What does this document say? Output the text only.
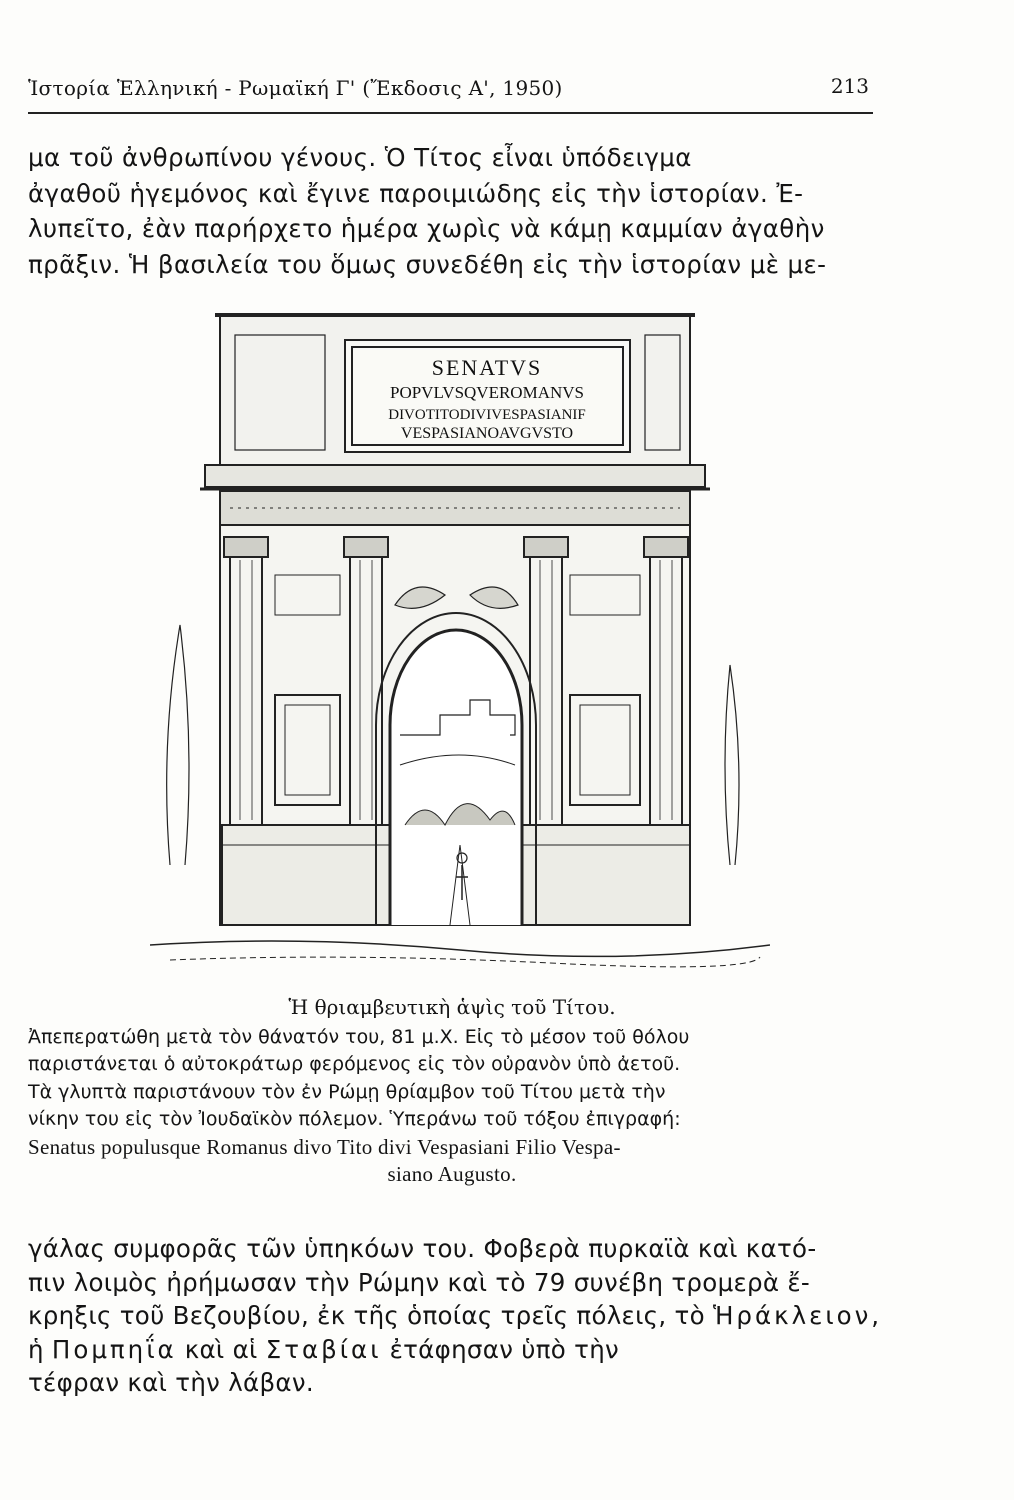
Ἱστορία Ἑλληνική - Ρωμαϊκή Γ' (Ἔκδοσις Α', 1950)	213
μα τοῦ ἀνθρωπίνου γένους. Ὁ Τίτος εἶναι ὑπόδειγμα
ἀγαθοῦ ἡγεμόνος καὶ ἔγινε παροιμιώδης εἰς τὴν ἱστορίαν. Ἐ-
λυπεῖτο, ἐὰν παρήρχετο ἡμέρα χωρὶς νὰ κάμῃ καμμίαν ἀγαθὴν
πρᾶξιν. Ἡ βασιλεία του ὅμως συνεδέθη εἰς τὴν ἱστορίαν μὲ με-
SENATVS
POPVLVSQVEROMANVS
DIVOTITODIVIVESPASIANIF
VESPASIANOAVGVSTO
Ἡ θριαμβευτικὴ ἁψὶς τοῦ Τίτου.
Ἀπεπερατώθη μετὰ τὸν θάνατόν του, 81 μ.Χ. Εἰς τὸ μέσον τοῦ θόλου
παριστάνεται ὁ αὐτοκράτωρ φερόμενος εἰς τὸν οὐρανὸν ὑπὸ ἀετοῦ.
Τὰ γλυπτὰ παριστάνουν τὸν ἐν Ρώμῃ θρίαμβον τοῦ Τίτου μετὰ τὴν
νίκην του εἰς τὸν Ἰουδαϊκὸν πόλεμον. Ὑπεράνω τοῦ τόξου ἐπιγραφή:
Senatus populusque Romanus divo Tito divi Vespasiani Filio Vespa-
siano Augusto.
γάλας συμφορᾶς τῶν ὑπηκόων του. Φοβερὰ πυρκαϊὰ καὶ κατό-
πιν λοιμὸς ἠρήμωσαν τὴν Ρώμην καὶ τὸ 79 συνέβη τρομερὰ ἔ-
κρηξις τοῦ Βεζουβίου, ἐκ τῆς ὁποίας τρεῖς πόλεις, τὸ Ἡράκλειον,
ἡ Πομπηΐα καὶ αἱ Σταβίαι ἐτάφησαν ὑπὸ τὴν
τέφραν καὶ τὴν λάβαν.
